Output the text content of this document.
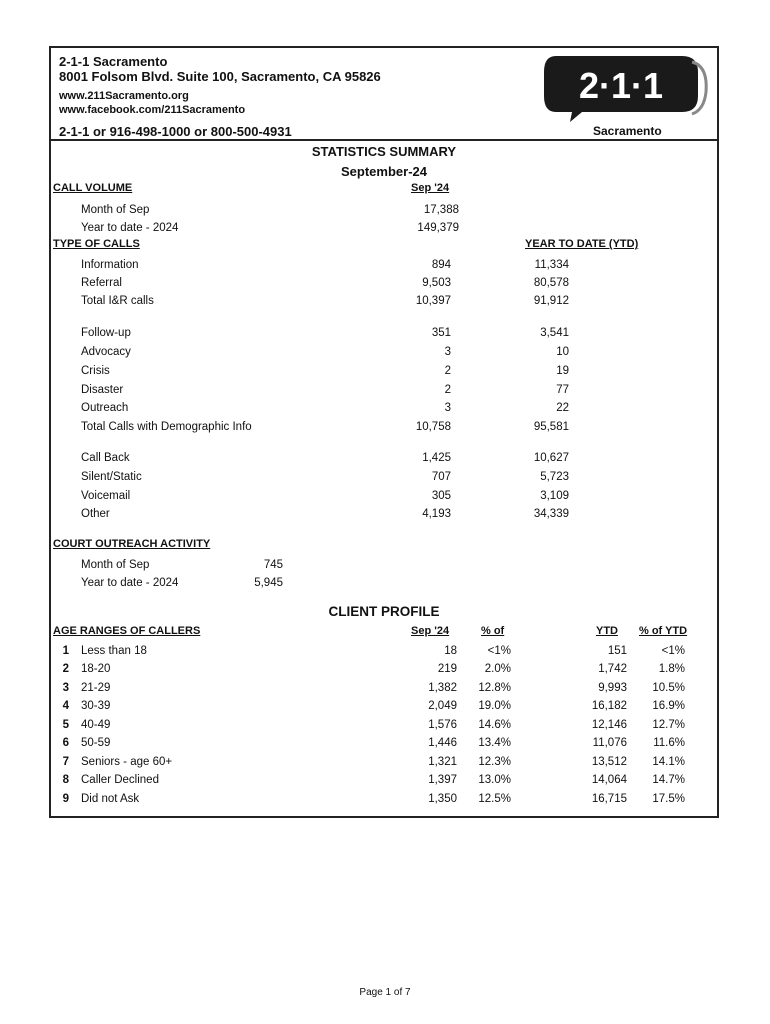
2-1-1 Sacramento
8001 Folsom Blvd. Suite 100, Sacramento, CA 95826
www.211Sacramento.org
www.facebook.com/211Sacramento
2-1-1 or 916-498-1000 or 800-500-4931
2·1·1
Sacramento
STATISTICS SUMMARY
September-24
CALL VOLUME	Sep '24
Month of Sep	17,388
Year to date - 2024	149,379
TYPE OF CALLS	YEAR TO DATE (YTD)
Information	894	11,334
Referral	9,503	80,578
Total I&R calls	10,397	91,912
Follow-up	351	3,541
Advocacy	3	10
Crisis	2	19
Disaster	2	77
Outreach	3	22
Total Calls with Demographic Info	10,758	95,581
Call Back	1,425	10,627
Silent/Static	707	5,723
Voicemail	305	3,109
Other	4,193	34,339
COURT OUTREACH ACTIVITY
Month of Sep	745
Year to date - 2024	5,945
CLIENT PROFILE
AGE RANGES OF CALLERS	Sep '24	% of	YTD % of YTD
1 Less than 18	18	<1%	151	<1%
2 18-20	219	2.0%	1,742	1.8%
3 21-29	1,382	12.8%	9,993	10.5%
4 30-39	2,049	19.0%	16,182	16.9%
5 40-49	1,576	14.6%	12,146	12.7%
6 50-59	1,446	13.4%	11,076	11.6%
7 Seniors - age 60+	1,321	12.3%	13,512	14.1%
8 Caller Declined	1,397	13.0%	14,064	14.7%
9 Did not Ask	1,350	12.5%	16,715	17.5%
Page 1 of 7
